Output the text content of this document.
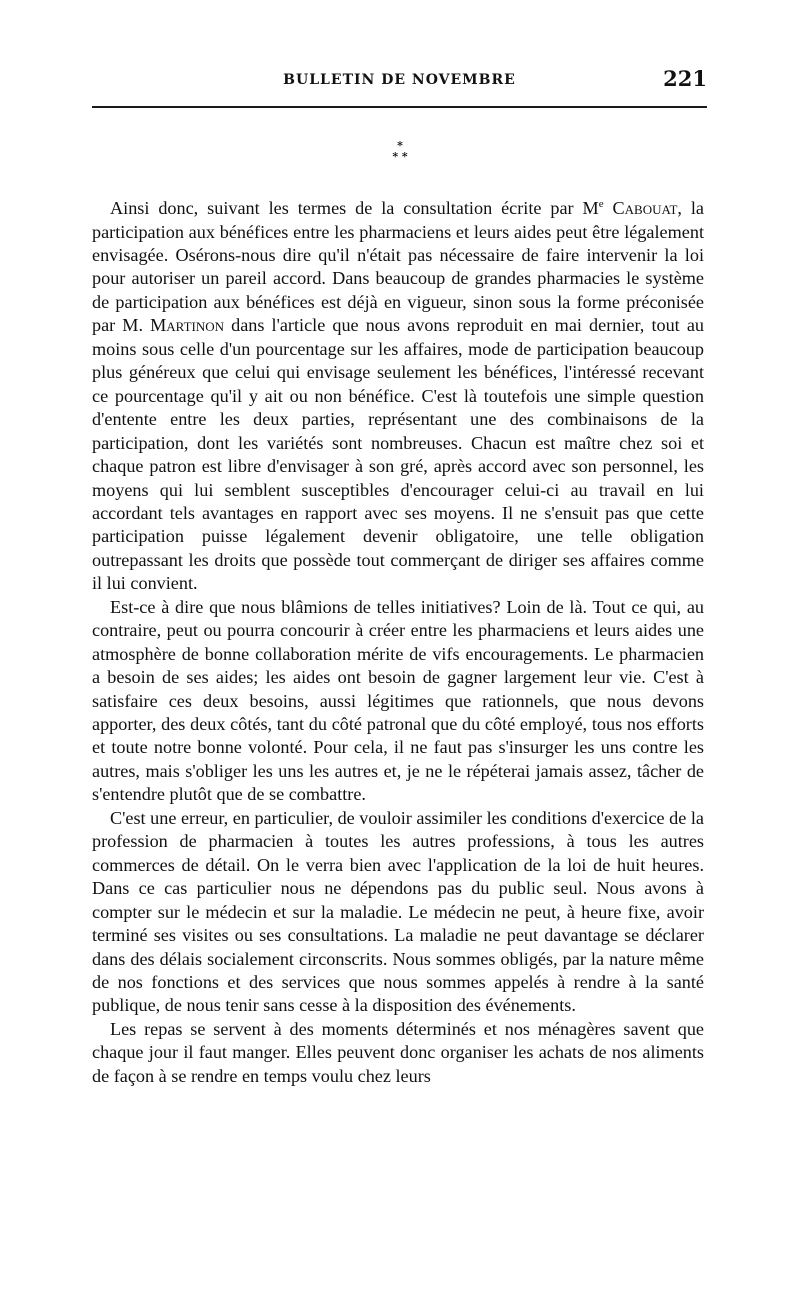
BULLETIN DE NOVEMBRE	221
*
* *

Ainsi donc, suivant les termes de la consultation écrite par Me Cabouat, la participation aux bénéfices entre les pharmaciens et leurs aides peut être légalement envisagée. Osérons-nous dire qu'il n'était pas nécessaire de faire intervenir la loi pour autoriser un pareil accord. Dans beaucoup de grandes pharmacies le système de participation aux bénéfices est déjà en vigueur, sinon sous la forme préconisée par M. Martinon dans l'article que nous avons reproduit en mai dernier, tout au moins sous celle d'un pourcentage sur les affaires, mode de participation beaucoup plus généreux que celui qui envisage seulement les bénéfices, l'intéressé recevant ce pourcentage qu'il y ait ou non bénéfice. C'est là toutefois une simple question d'entente entre les deux parties, représentant une des combinaisons de la participation, dont les variétés sont nombreuses. Chacun est maître chez soi et chaque patron est libre d'envisager à son gré, après accord avec son personnel, les moyens qui lui semblent susceptibles d'encourager celui-ci au travail en lui accordant tels avantages en rapport avec ses moyens. Il ne s'ensuit pas que cette participation puisse légalement devenir obligatoire, une telle obligation outrepassant les droits que possède tout commerçant de diriger ses affaires comme il lui convient.

Est-ce à dire que nous blâmions de telles initiatives? Loin de là. Tout ce qui, au contraire, peut ou pourra concourir à créer entre les pharmaciens et leurs aides une atmosphère de bonne collaboration mérite de vifs encouragements. Le pharmacien a besoin de ses aides; les aides ont besoin de gagner largement leur vie. C'est à satisfaire ces deux besoins, aussi légitimes que rationnels, que nous devons apporter, des deux côtés, tant du côté patronal que du côté employé, tous nos efforts et toute notre bonne volonté. Pour cela, il ne faut pas s'insurger les uns contre les autres, mais s'obliger les uns les autres et, je ne le répéterai jamais assez, tâcher de s'entendre plutôt que de se combattre.

C'est une erreur, en particulier, de vouloir assimiler les conditions d'exercice de la profession de pharmacien à toutes les autres professions, à tous les autres commerces de détail. On le verra bien avec l'application de la loi de huit heures. Dans ce cas particulier nous ne dépendons pas du public seul. Nous avons à compter sur le médecin et sur la maladie. Le médecin ne peut, à heure fixe, avoir terminé ses visites ou ses consultations. La maladie ne peut davantage se déclarer dans des délais socialement circonscrits. Nous sommes obligés, par la nature même de nos fonctions et des services que nous sommes appelés à rendre à la santé publique, de nous tenir sans cesse à la disposition des événements.

Les repas se servent à des moments déterminés et nos ménagères savent que chaque jour il faut manger. Elles peuvent donc organiser les achats de nos aliments de façon à se rendre en temps voulu chez leurs
